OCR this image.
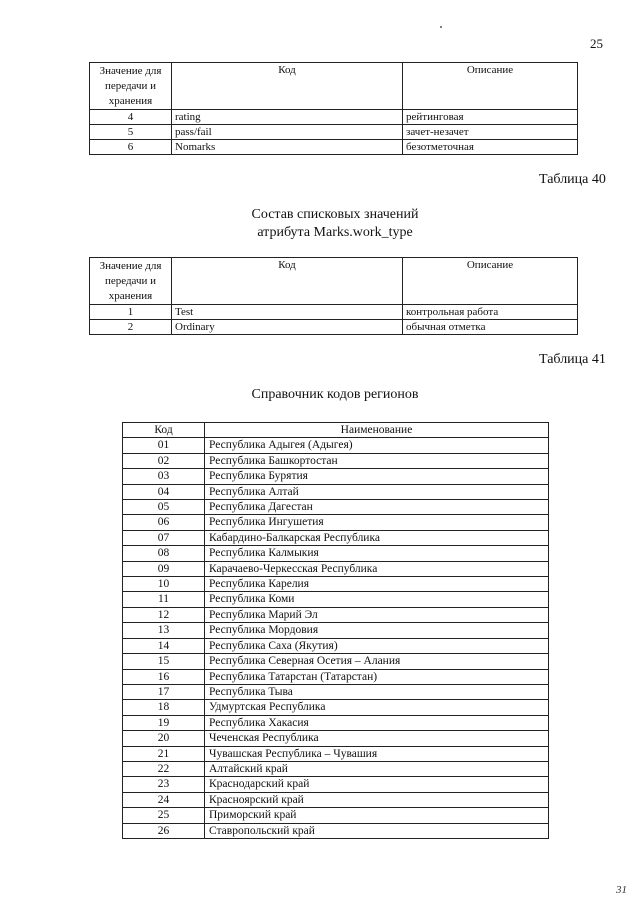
25
Значение для передачи и хранения	Код	Описание
4	rating	рейтинговая
5	pass/fail	зачет-незачет
6	Nomarks	безотметочная
Таблица 40
Состав списковых значений
атрибута Marks.work_type
Значение для передачи и хранения	Код	Описание
1	Test	контрольная работа
2	Ordinary	обычная отметка
Таблица 41
Справочник кодов регионов
Код	Наименование
01	Республика Адыгея (Адыгея)
02	Республика Башкортостан
03	Республика Бурятия
04	Республика Алтай
05	Республика Дагестан
06	Республика Ингушетия
07	Кабардино-Балкарская Республика
08	Республика Калмыкия
09	Карачаево-Черкесская Республика
10	Республика Карелия
11	Республика Коми
12	Республика Марий Эл
13	Республика Мордовия
14	Республика Саха (Якутия)
15	Республика Северная Осетия – Алания
16	Республика Татарстан (Татарстан)
17	Республика Тыва
18	Удмуртская Республика
19	Республика Хакасия
20	Чеченская Республика
21	Чувашская Республика – Чувашия
22	Алтайский край
23	Краснодарский край
24	Красноярский край
25	Приморский край
26	Ставропольский край
31
